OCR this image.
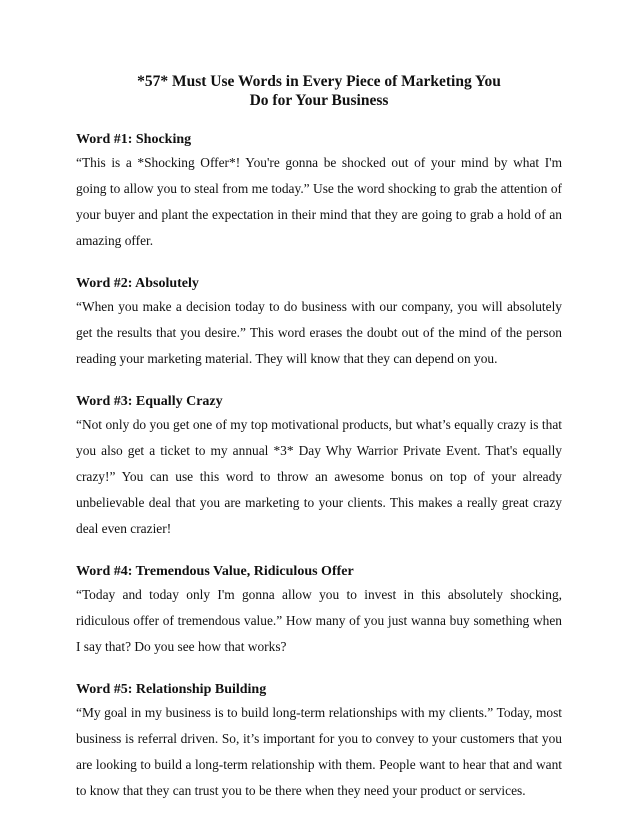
*57* Must Use Words in Every Piece of Marketing You
Do for Your Business

Word #1: Shocking

“This is a *Shocking Offer*! You're gonna be shocked out of your mind by what I'm going to allow you to steal from me today.” Use the word shocking to grab the attention of your buyer and plant the expectation in their mind that they are going to grab a hold of an amazing offer.

Word #2: Absolutely

“When you make a decision today to do business with our company, you will absolutely get the results that you desire.” This word erases the doubt out of the mind of the person reading your marketing material. They will know that they can depend on you.

Word #3: Equally Crazy

“Not only do you get one of my top motivational products, but what’s equally crazy is that you also get a ticket to my annual *3* Day Why Warrior Private Event. That's equally crazy!” You can use this word to throw an awesome bonus on top of your already unbelievable deal that you are marketing to your clients. This makes a really great crazy deal even crazier!

Word #4: Tremendous Value, Ridiculous Offer

“Today and today only I'm gonna allow you to invest in this absolutely shocking, ridiculous offer of tremendous value.” How many of you just wanna buy something when I say that? Do you see how that works?

Word #5: Relationship Building

“My goal in my business is to build long-term relationships with my clients.” Today, most business is referral driven. So, it’s important for you to convey to your customers that you are looking to build a long-term relationship with them. People want to hear that and want to know that they can trust you to be there when they need your product or services.
